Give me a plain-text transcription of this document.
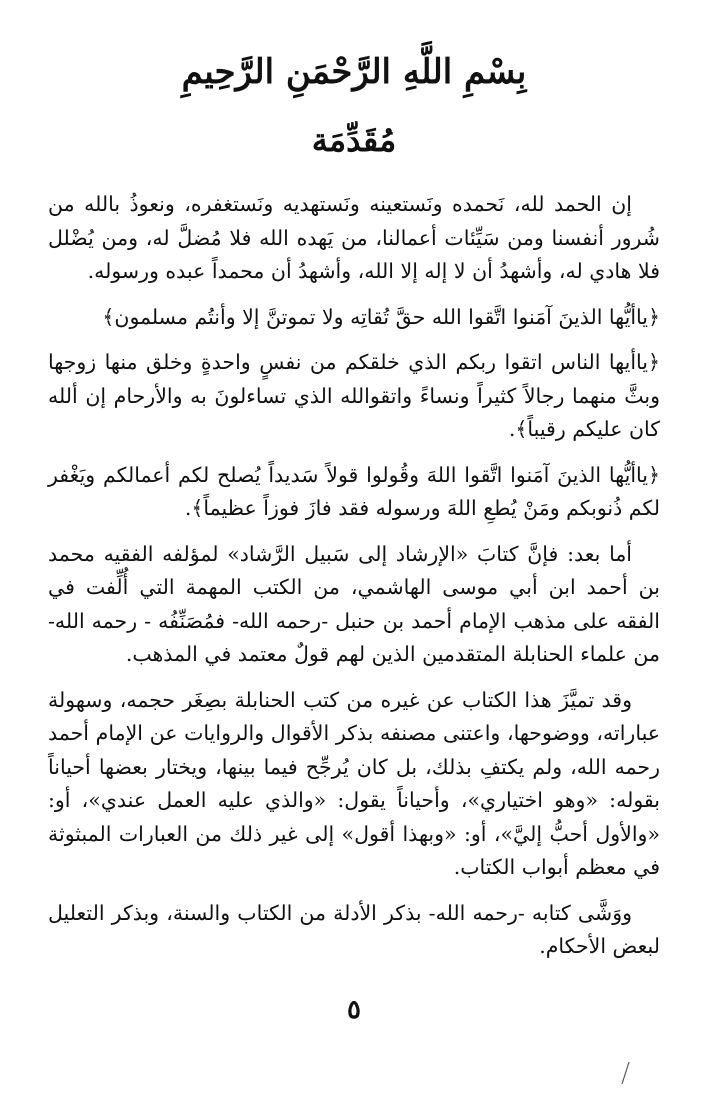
بِسْمِ اللَّهِ الرَّحْمَنِ الرَّحِيمِ
مُقَدِّمَة

إن الحمد لله، نَحمده ونَستعينه ونَستهديه ونَستغفره، ونعوذُ بالله من شُرور أنفسنا ومن سَيِّئات أعمالنا، من يَهده الله فلا مُضلَّ له، ومن يُضْلل فلا هادي له، وأشهدُ أن لا إله إلا الله، وأشهدُ أن محمداً عبده ورسوله.

﴿ياأيُّها الذينَ آمَنوا اتَّقوا الله حقَّ تُقاتِه ولا تموتنَّ إلا وأنتُم مسلمون﴾

﴿ياأيها الناس اتقوا ربكم الذي خلقكم من نفسٍ واحدةٍ وخلق منها زوجها وبثَّ منهما رجالاً كثيراً ونساءً واتقوالله الذي تساءلونَ به والأرحام إن ألله كان عليكم رقيباً﴾.

﴿ياأيُّها الذينَ آمَنوا اتَّقوا اللهَ وقُولوا قولاً سَديداً يُصلح لكم أعمالكم ويَغْفر لكم ذُنوبكم ومَنْ يُطعِ اللهَ ورسوله فقد فازَ فوزاً عظيماً﴾.

أما بعد: فإنَّ كتابَ «الإرشاد إلى سَبيل الرَّشاد» لمؤلفه الفقيه محمد بن أحمد ابن أبي موسى الهاشمي، من الكتب المهمة التي أُلِّفت في الفقه على مذهب الإمام أحمد بن حنبل -رحمه الله- فمُصَنِّفُه - رحمه الله- من علماء الحنابلة المتقدمين الذين لهم قولٌ معتمد في المذهب.

وقد تميَّزَ هذا الكتاب عن غيره من كتب الحنابلة بصِغَر حجمه، وسهولة عباراته، ووضوحها، واعتنى مصنفه بذكر الأقوال والروايات عن الإمام أحمد رحمه الله، ولم يكتفِ بذلك، بل كان يُرجِّح فيما بينها، ويختار بعضها أحياناً بقوله: «وهو اختياري»، وأحياناً يقول: «والذي عليه العمل عندي»، أو: «والأول أحبُّ إليَّ»، أو: «وبهذا أقول» إلى غير ذلك من العبارات المبثوثة في معظم أبواب الكتاب.

ووَشَّى كتابه -رحمه الله- بذكر الأدلة من الكتاب والسنة، وبذكر التعليل لبعض الأحكام.

٥
